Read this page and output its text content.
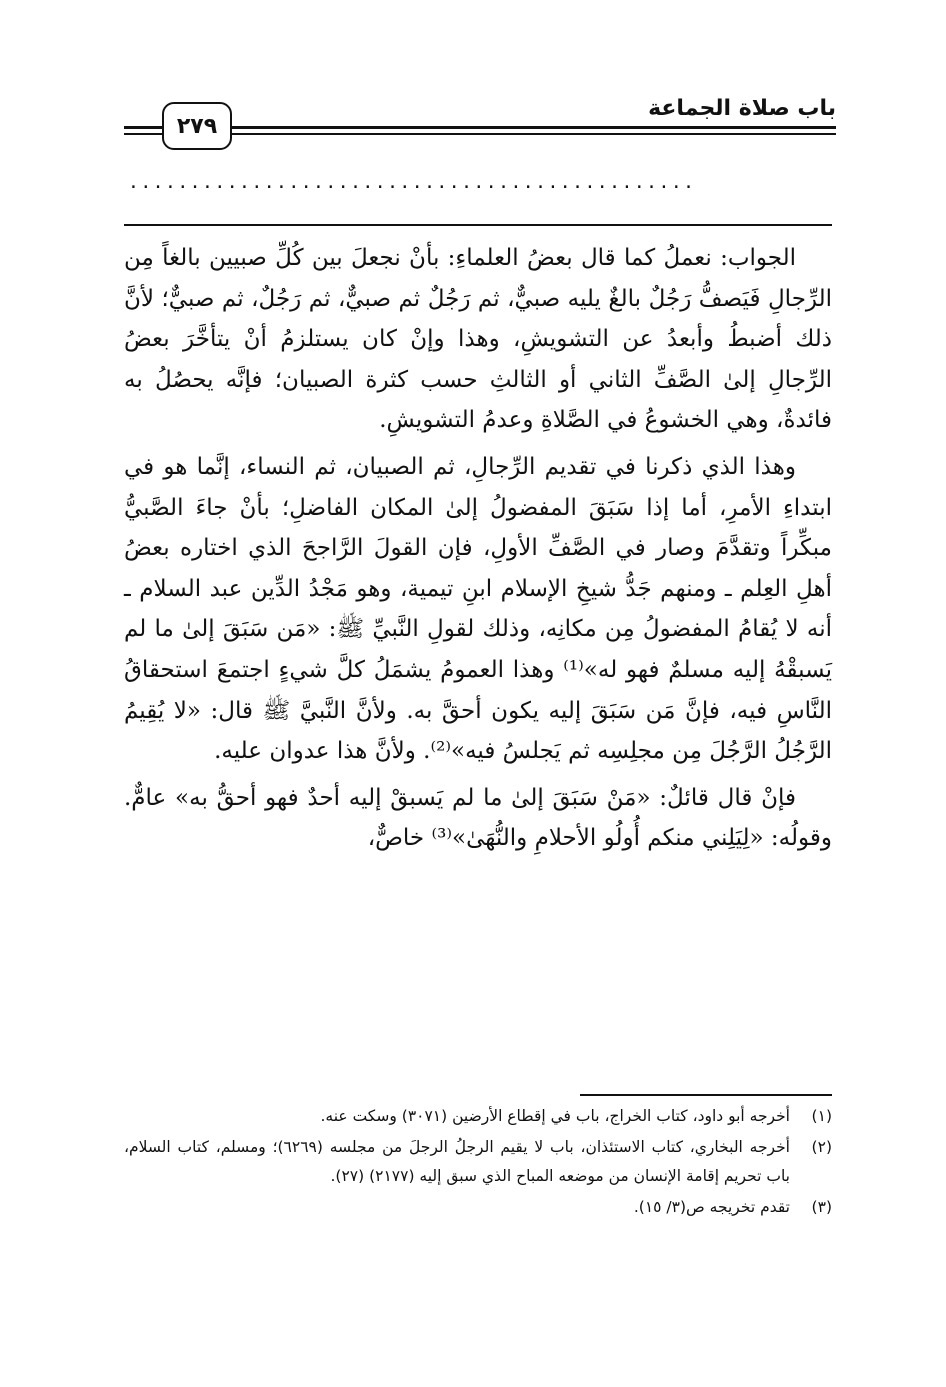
باب صلاة الجماعة
٢٧٩
..............................................

الجواب: نعملُ كما قال بعضُ العلماءِ: بأنْ نجعلَ بين كُلِّ صبيين بالغاً مِن الرِّجالِ فَيَصفُّ رَجُلٌ بالغٌ يليه صبيٌّ، ثم رَجُلٌ ثم صبيٌّ، ثم رَجُلٌ، ثم صبيٌّ؛ لأنَّ ذلك أضبطُ وأبعدُ عن التشويشِ، وهذا وإنْ كان يستلزمُ أنْ يتأخَّرَ بعضُ الرِّجالِ إلىٰ الصَّفِّ الثاني أو الثالثِ حسب كثرة الصبيان؛ فإنَّه يحصُلُ به فائدةٌ، وهي الخشوعُ في الصَّلاةِ وعدمُ التشويشِ.

وهذا الذي ذكرنا في تقديم الرِّجالِ، ثم الصبيان، ثم النساء، إنَّما هو في ابتداءِ الأمرِ، أما إذا سَبَقَ المفضولُ إلىٰ المكان الفاضلِ؛ بأنْ جاءَ الصَّبيُّ مبكِّراً وتقدَّمَ وصار في الصَّفِّ الأولِ، فإن القولَ الرَّاجحَ الذي اختاره بعضُ أهلِ العِلم ـ ومنهم جَدُّ شيخِ الإسلام ابنِ تيمية، وهو مَجْدُ الدِّين عبد السلام ـ أنه لا يُقامُ المفضولُ مِن مكانِه، وذلك لقولِ النَّبيِّ ﷺ: «مَن سَبَقَ إلىٰ ما لم يَسبقْهُ إليه مسلمٌ فهو له»⁽¹⁾ وهذا العمومُ يشمَلُ كلَّ شيءٍ اجتمعَ استحقاقُ النَّاسِ فيه، فإنَّ مَن سَبَقَ إليه يكون أحقَّ به. ولأنَّ النَّبيَّ ﷺ قال: «لا يُقِيمُ الرَّجُلُ الرَّجُلَ مِن مجلِسِه ثم يَجلسُ فيه»⁽²⁾. ولأنَّ هذا عدوان عليه.

فإنْ قال قائلٌ: «مَنْ سَبَقَ إلىٰ ما لم يَسبقْ إليه أحدٌ فهو أحقُّ به» عامٌّ. وقولُه: «لِيَلِني منكم أُولُو الأحلامِ والنُّهَىٰ»⁽³⁾ خاصٌّ،

(١)
أخرجه أبو داود، كتاب الخراج، باب في إقطاع الأرضين (٣٠٧١) وسكت عنه.
(٢)
أخرجه البخاري، كتاب الاستئذان، باب لا يقيم الرجلُ الرجلَ من مجلسه (٦٢٦٩)؛ ومسلم، كتاب السلام، باب تحريم إقامة الإنسان من موضعه المباح الذي سبق إليه (٢١٧٧) (٢٧).
(٣)
تقدم تخريجه ص(٣/ ١٥).
